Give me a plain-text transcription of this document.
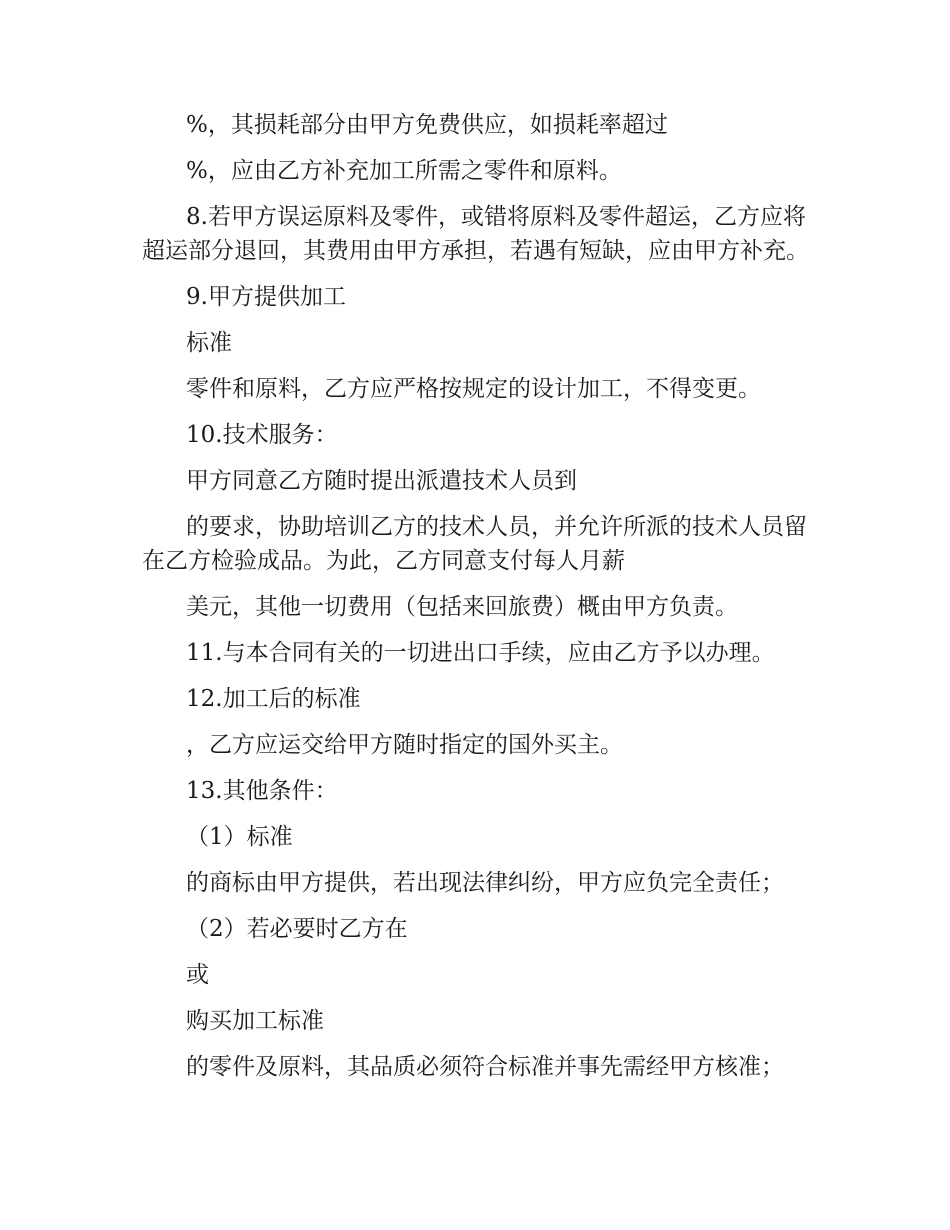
%，其损耗部分由甲方免费供应，如损耗率超过

%，应由乙方补充加工所需之零件和原料。

8.若甲方误运原料及零件，或错将原料及零件超运，乙方应将超运部分退回，其费用由甲方承担，若遇有短缺，应由甲方补充。

9.甲方提供加工

标准

零件和原料，乙方应严格按规定的设计加工，不得变更。

10.技术服务：

甲方同意乙方随时提出派遣技术人员到

的要求，协助培训乙方的技术人员，并允许所派的技术人员留在乙方检验成品。为此，乙方同意支付每人月薪

美元，其他一切费用（包括来回旅费）概由甲方负责。

11.与本合同有关的一切进出口手续，应由乙方予以办理。

12.加工后的标准

，乙方应运交给甲方随时指定的国外买主。

13.其他条件：

（1）标准

的商标由甲方提供，若出现法律纠纷，甲方应负完全责任；

（2）若必要时乙方在

或

购买加工标准

的零件及原料，其品质必须符合标准并事先需经甲方核准；
